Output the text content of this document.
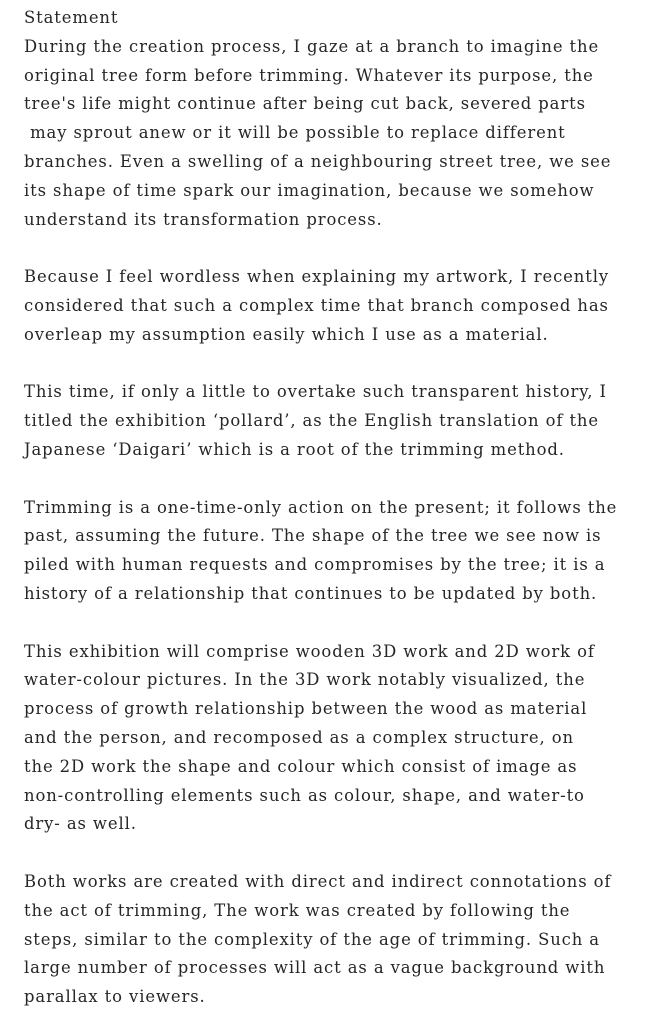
Statement

During the creation process, I gaze at a branch to imagine the
original tree form before trimming. Whatever its purpose, the
tree's life might continue after being cut back, severed parts
may sprout anew or it will be possible to replace different
branches. Even a swelling of a neighbouring street tree, we see
its shape of time spark our imagination, because we somehow
understand its transformation process.

Because I feel wordless when explaining my artwork, I recently
considered that such a complex time that branch composed has
overleap my assumption easily which I use as a material.

This time, if only a little to overtake such transparent history, I
titled the exhibition ‘pollard’, as the English translation of the
Japanese ‘Daigari’ which is a root of the trimming method.

Trimming is a one-time-only action on the present; it follows the
past, assuming the future. The shape of the tree we see now is
piled with human requests and compromises by the tree; it is a
history of a relationship that continues to be updated by both.

This exhibition will comprise wooden 3D work and 2D work of
water-colour pictures. In the 3D work notably visualized, the
process of growth relationship between the wood as material
and the person, and recomposed as a complex structure, on
the 2D work the shape and colour which consist of image as
non-controlling elements such as colour, shape, and water-to
dry- as well.

Both works are created with direct and indirect connotations of
the act of trimming, The work was created by following the
steps, similar to the complexity of the age of trimming. Such a
large number of processes will act as a vague background with
parallax to viewers.
